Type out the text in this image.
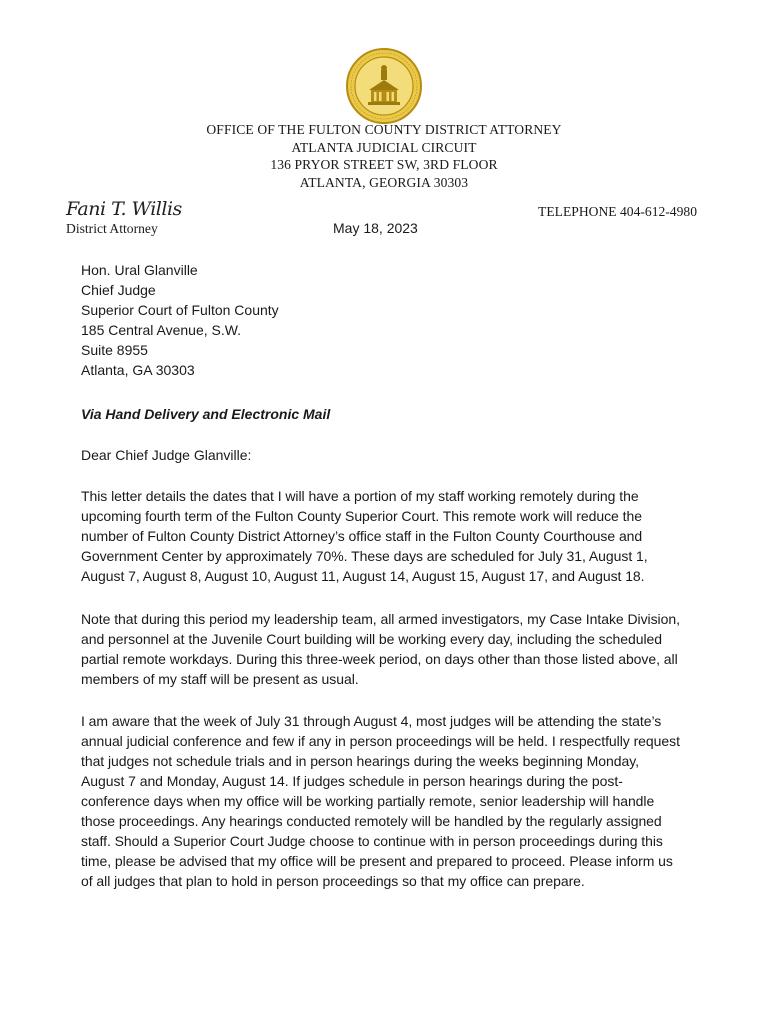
OFFICE OF THE FULTON COUNTY DISTRICT ATTORNEY
ATLANTA JUDICIAL CIRCUIT
136 PRYOR STREET SW, 3RD FLOOR
ATLANTA, GEORGIA 30303
Fani T. Willis
District Attorney
TELEPHONE 404-612-4980
May 18, 2023
Hon. Ural Glanville
Chief Judge
Superior Court of Fulton County
185 Central Avenue, S.W.
Suite 8955
Atlanta, GA 30303
Via Hand Delivery and Electronic Mail
Dear Chief Judge Glanville:
This letter details the dates that I will have a portion of my staff working remotely during the upcoming fourth term of the Fulton County Superior Court. This remote work will reduce the number of Fulton County District Attorney’s office staff in the Fulton County Courthouse and Government Center by approximately 70%. These days are scheduled for July 31, August 1, August 7, August 8, August 10, August 11, August 14, August 15, August 17, and August 18.
Note that during this period my leadership team, all armed investigators, my Case Intake Division, and personnel at the Juvenile Court building will be working every day, including the scheduled partial remote workdays. During this three-week period, on days other than those listed above, all members of my staff will be present as usual.
I am aware that the week of July 31 through August 4, most judges will be attending the state’s annual judicial conference and few if any in person proceedings will be held. I respectfully request that judges not schedule trials and in person hearings during the weeks beginning Monday, August 7 and Monday, August 14. If judges schedule in person hearings during the post-conference days when my office will be working partially remote, senior leadership will handle those proceedings. Any hearings conducted remotely will be handled by the regularly assigned staff. Should a Superior Court Judge choose to continue with in person proceedings during this time, please be advised that my office will be present and prepared to proceed. Please inform us of all judges that plan to hold in person proceedings so that my office can prepare.
